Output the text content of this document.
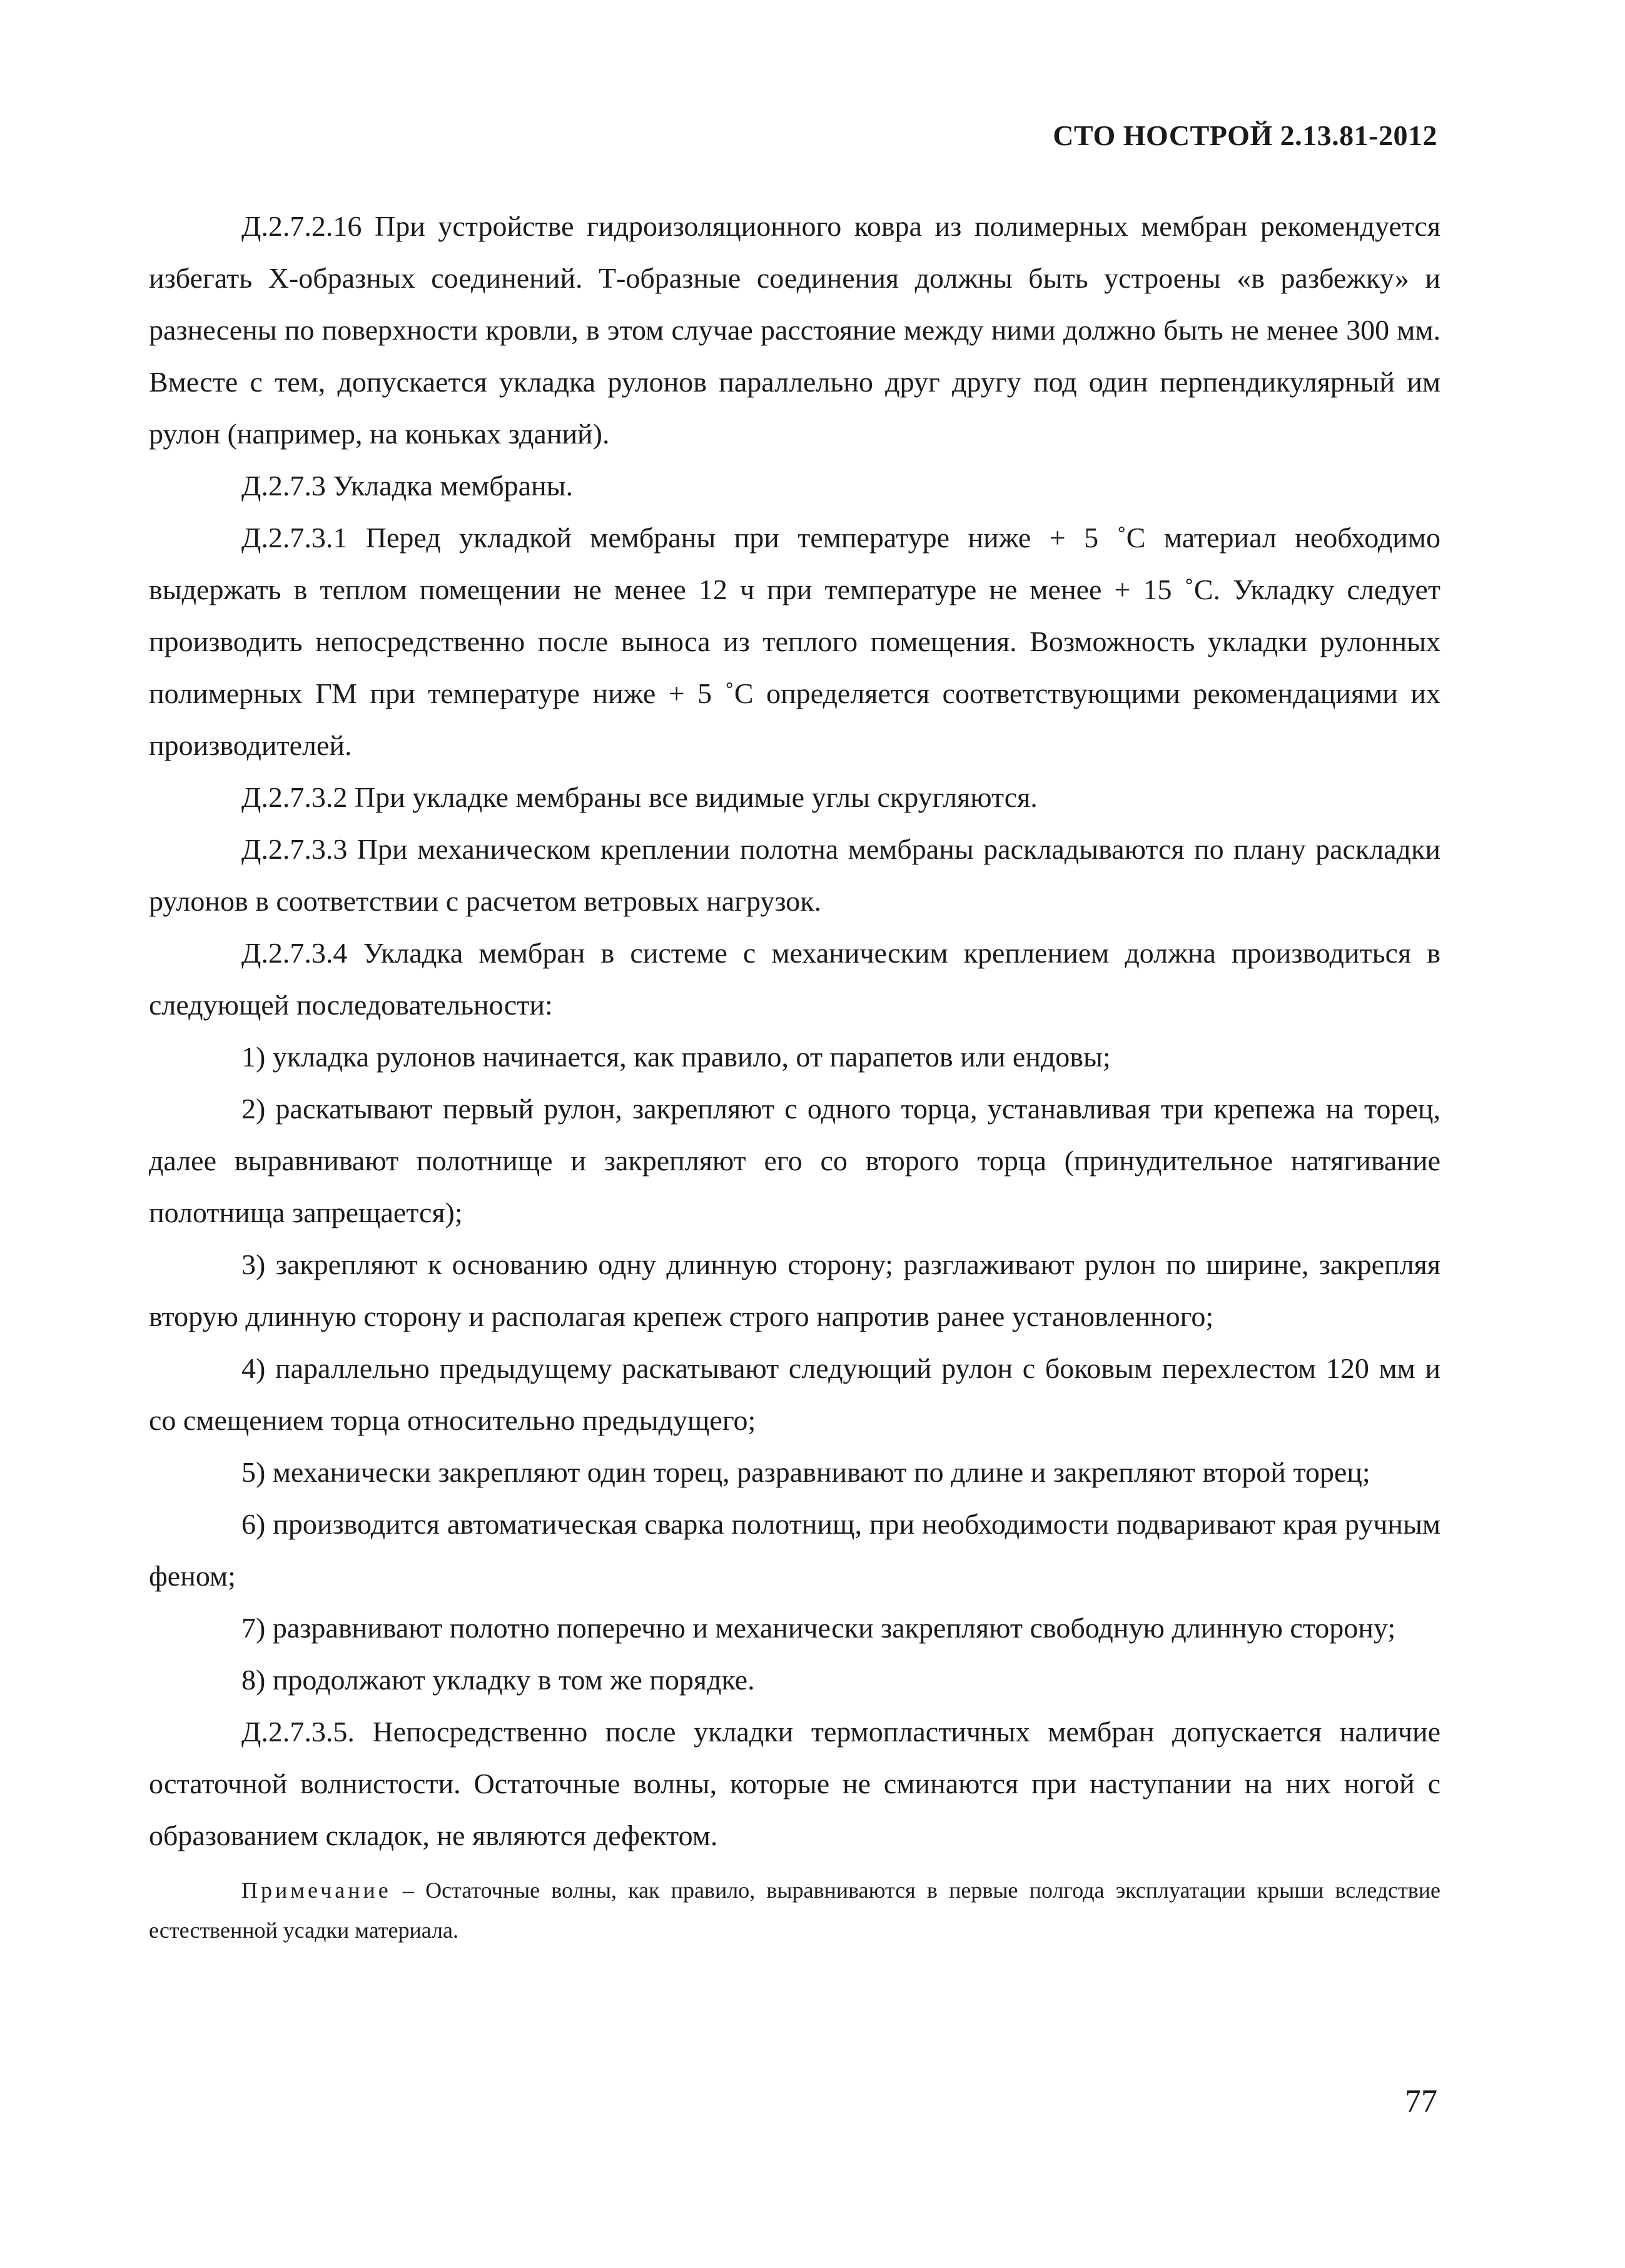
СТО НОСТРОЙ 2.13.81-2012

Д.2.7.2.16 При устройстве гидроизоляционного ковра из полимерных мембран рекомендуется избегать Х-образных соединений. Т-образные соединения должны быть устроены «в разбежку» и разнесены по поверхности кровли, в этом случае расстояние между ними должно быть не менее 300 мм. Вместе с тем, допускается укладка рулонов параллельно друг другу под один перпендикулярный им рулон (например, на коньках зданий).

Д.2.7.3 Укладка мембраны.

Д.2.7.3.1 Перед укладкой мембраны при температуре ниже + 5 ˚С материал необходимо выдержать в теплом помещении не менее 12 ч при температуре не менее + 15 ˚С. Укладку следует производить непосредственно после выноса из теплого помещения. Возможность укладки рулонных полимерных ГМ при температуре ниже + 5 ˚С определяется соответствующими рекомендациями их производителей.

Д.2.7.3.2 При укладке мембраны все видимые углы скругляются.

Д.2.7.3.3 При механическом креплении полотна мембраны раскладываются по плану раскладки рулонов в соответствии с расчетом ветровых нагрузок.

Д.2.7.3.4 Укладка мембран в системе с механическим креплением должна производиться в следующей последовательности:

1) укладка рулонов начинается, как правило, от парапетов или ендовы;

2) раскатывают первый рулон, закрепляют с одного торца, устанавливая три крепежа на торец, далее выравнивают полотнище и закрепляют его со второго торца (принудительное натягивание полотнища запрещается);

3) закрепляют к основанию одну длинную сторону; разглаживают рулон по ширине, закрепляя вторую длинную сторону и располагая крепеж строго напротив ранее установленного;

4) параллельно предыдущему раскатывают следующий рулон с боковым перехлестом 120 мм и со смещением торца относительно предыдущего;

5) механически закрепляют один торец, разравнивают по длине и закрепляют второй торец;

6) производится автоматическая сварка полотнищ, при необходимости подваривают края ручным феном;

7) разравнивают полотно поперечно и механически закрепляют свободную длинную сторону;

8) продолжают укладку в том же порядке.

Д.2.7.3.5. Непосредственно после укладки термопластичных мембран допускается наличие остаточной волнистости. Остаточные волны, которые не сминаются при наступании на них ногой с образованием складок, не являются дефектом.

Примечание – Остаточные волны, как правило, выравниваются в первые полгода эксплуатации крыши вследствие естественной усадки материала.

77
